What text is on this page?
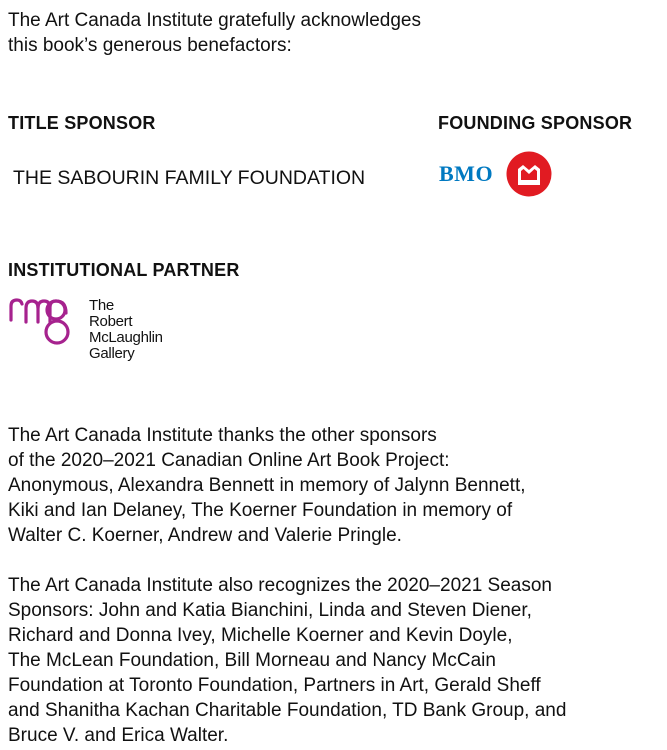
The Art Canada Institute gratefully acknowledges
this book’s generous benefactors:

TITLE SPONSOR

THE SABOURIN FAMILY FOUNDATION

FOUNDING SPONSOR
BMO
INSTITUTIONAL PARTNER
The
Robert
McLaughlin
Gallery

The Art Canada Institute thanks the other sponsors
of the 2020–2021 Canadian Online Art Book Project:
Anonymous, Alexandra Bennett in memory of Jalynn Bennett,
Kiki and Ian Delaney, The Koerner Foundation in memory of
Walter C. Koerner, Andrew and Valerie Pringle.

The Art Canada Institute also recognizes the 2020–2021 Season
Sponsors: John and Katia Bianchini, Linda and Steven Diener,
Richard and Donna Ivey, Michelle Koerner and Kevin Doyle,
The McLean Foundation, Bill Morneau and Nancy McCain
Foundation at Toronto Foundation, Partners in Art, Gerald Sheff
and Shanitha Kachan Charitable Foundation, TD Bank Group, and
Bruce V. and Erica Walter.
